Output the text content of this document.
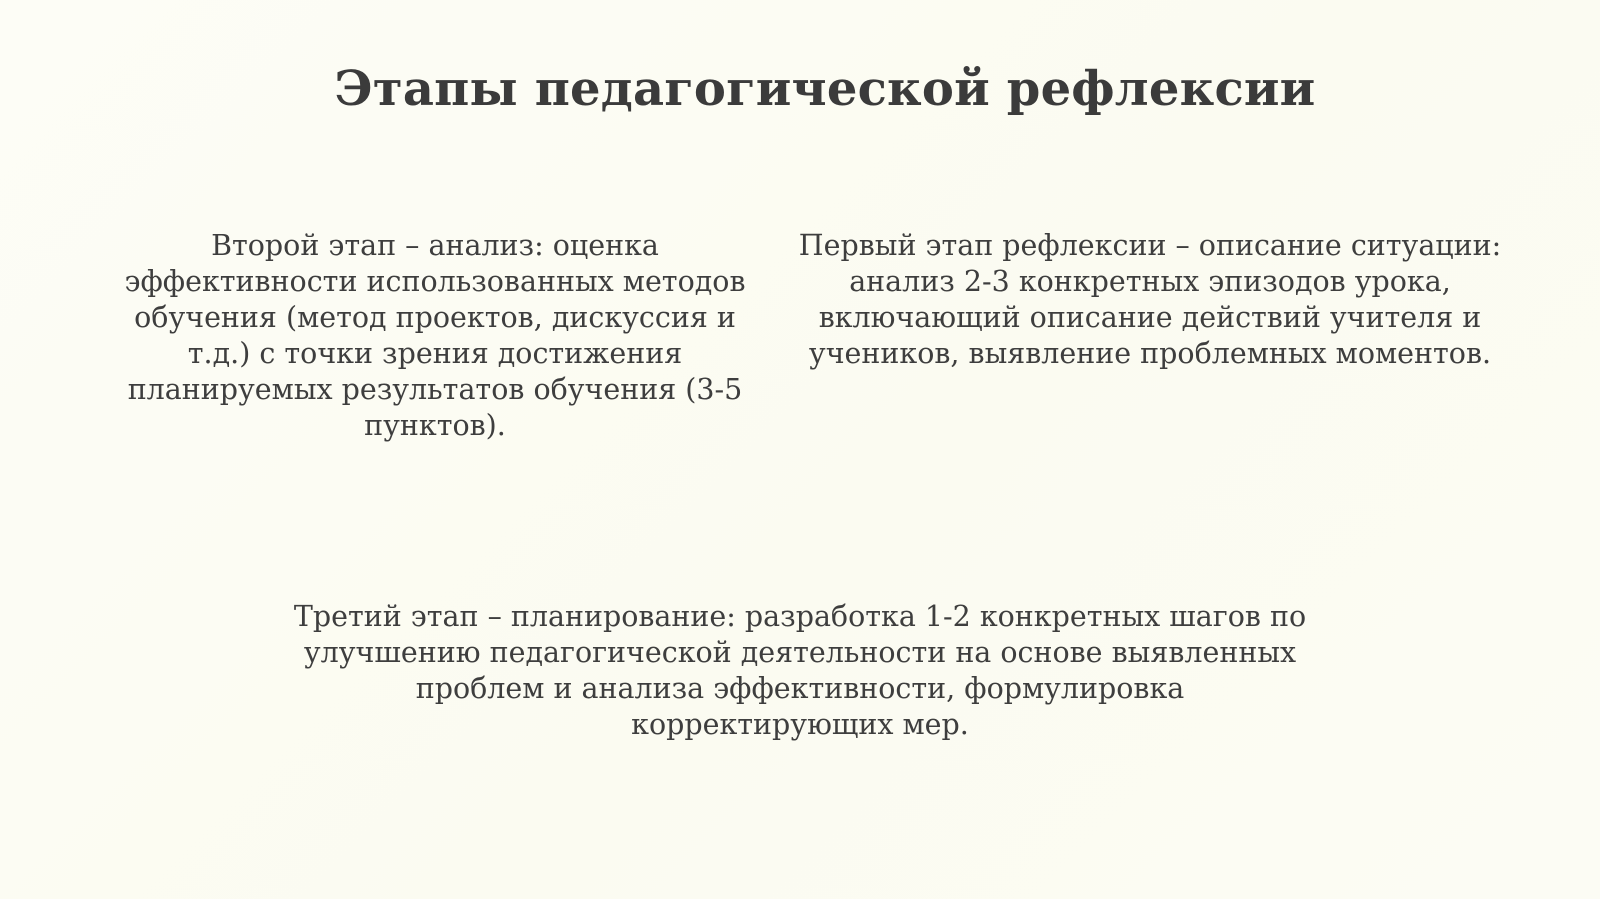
Этапы педагогической рефлексии

Второй этап – анализ: оценка эффективности использованных методов обучения (метод проектов, дискуссия и т.д.) с точки зрения достижения планируемых результатов обучения (3-5 пунктов).

Первый этап рефлексии – описание ситуации: анализ 2-3 конкретных эпизодов урока, включающий описание действий учителя и учеников, выявление проблемных моментов.

Третий этап – планирование: разработка 1-2 конкретных шагов по улучшению педагогической деятельности на основе выявленных проблем и анализа эффективности, формулировка корректирующих мер.
